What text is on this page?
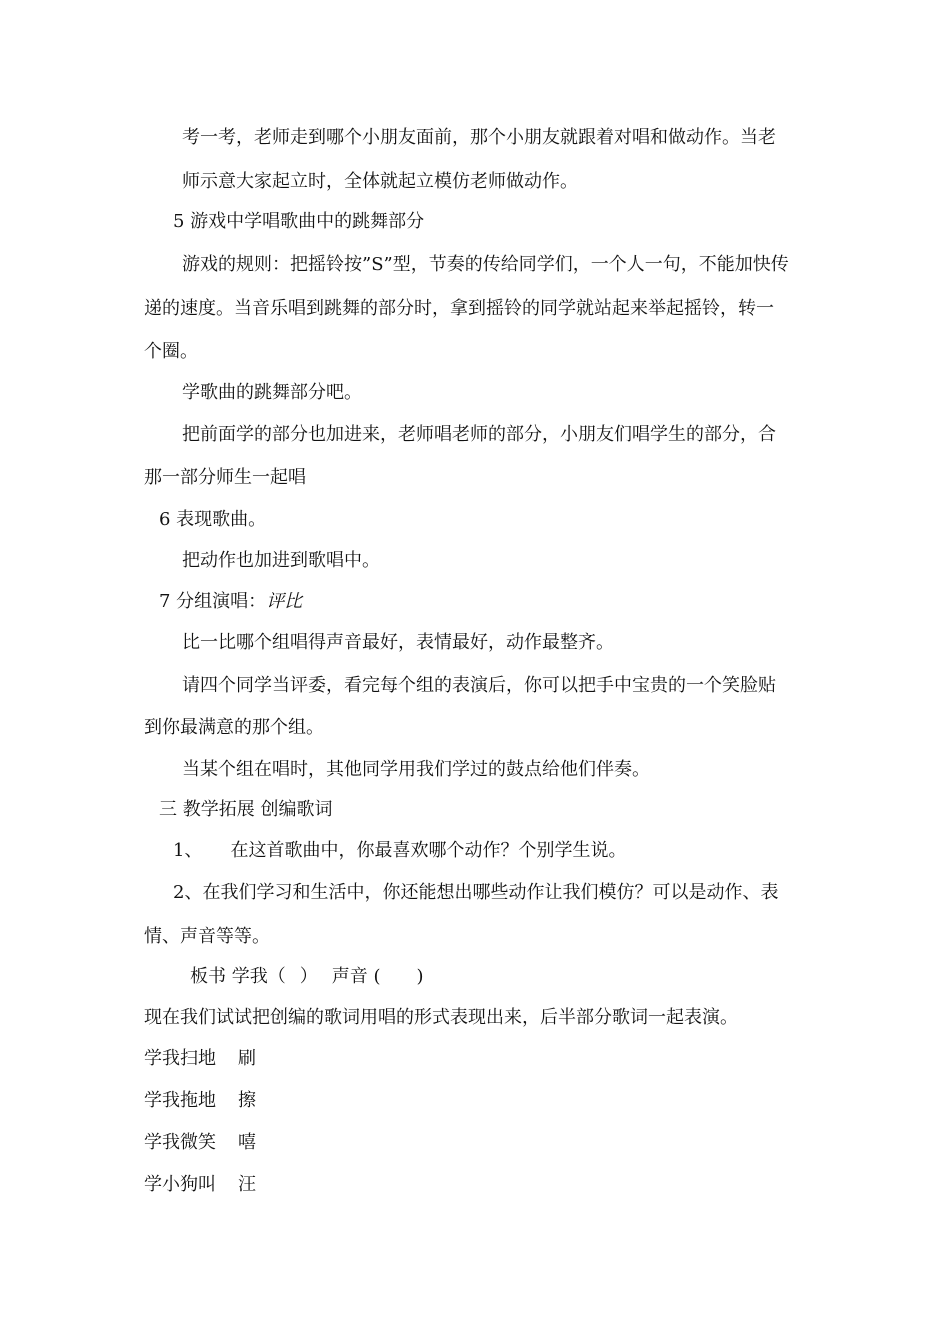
考一考，老师走到哪个小朋友面前，那个小朋友就跟着对唱和做动作。当老
师示意大家起立时，全体就起立模仿老师做动作。
5 游戏中学唱歌曲中的跳舞部分
游戏的规则：把摇铃按”S”型，节奏的传给同学们，一个人一句，不能加快传
递的速度。当音乐唱到跳舞的部分时，拿到摇铃的同学就站起来举起摇铃，转一
个圈。
学歌曲的跳舞部分吧。
把前面学的部分也加进来，老师唱老师的部分，小朋友们唱学生的部分，合
那一部分师生一起唱
6 表现歌曲。
把动作也加进到歌唱中。
7 分组演唱：评比
比一比哪个组唱得声音最好，表情最好，动作最整齐。
请四个同学当评委，看完每个组的表演后，你可以把手中宝贵的一个笑脸贴
到你最满意的那个组。
当某个组在唱时，其他同学用我们学过的鼓点给他们伴奏。
三 教学拓展 创编歌词
1、 在这首歌曲中，你最喜欢哪个动作？个别学生说。
2、在我们学习和生活中，你还能想出哪些动作让我们模仿？可以是动作、表
情、声音等等。
板书 学我（ ） 声音 ( )
现在我们试试把创编的歌词用唱的形式表现出来，后半部分歌词一起表演。
学我扫地 刷
学我拖地 擦
学我微笑 嘻
学小狗叫 汪
